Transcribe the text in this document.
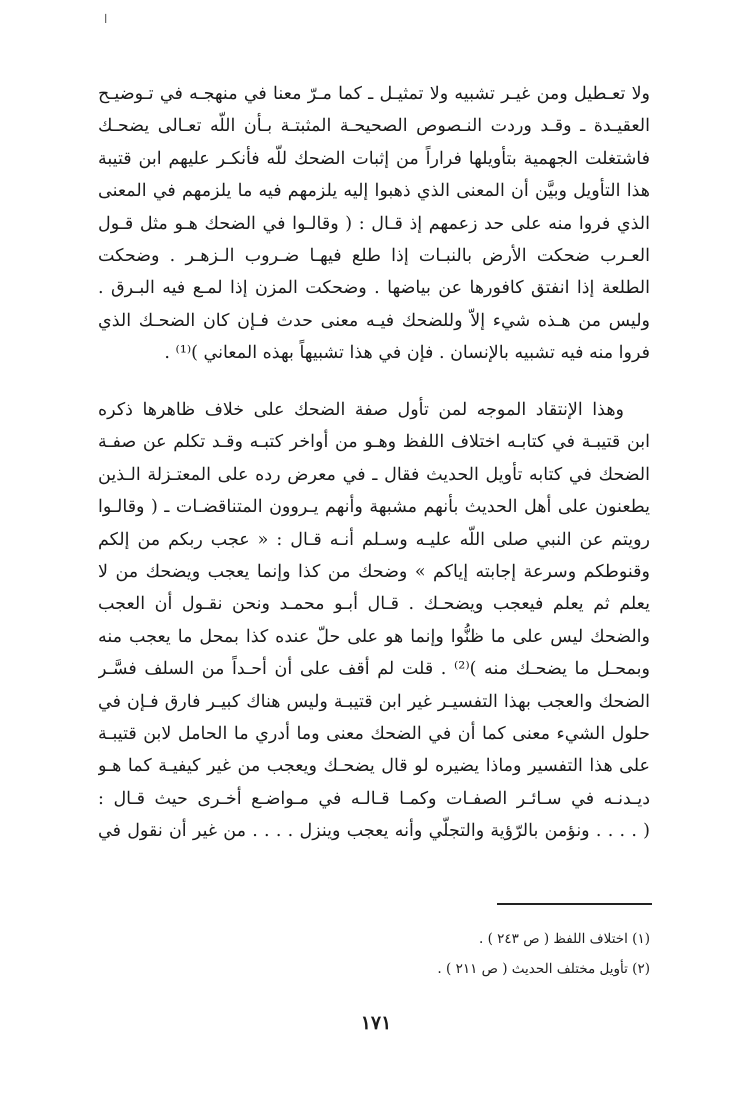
ا
ولا تعـطيل ومن غيـر تشبيه ولا تمثيـل ـ كما مـرّ معنا في منهجـه في تـوضيـح
العقيـدة ـ وقـد وردت النـصوص الصحيحـة المثبتـة بـأن اللّه تعـالى يضحـك
فاشتغلت الجهمية بتأويلها فراراً من إثبات الضحك للّه فأنكـر عليهم ابن قتيبة
هذا التأويل وبيَّن أن المعنى الذي ذهبوا إليه يلزمهم فيه ما يلزمهم في المعنى
الذي فروا منه على حد زعمهم إذ قـال : ( وقالـوا في الضحك هـو مثل قـول
العـرب ضحكت الأرض بالنبـات إذا طلع فيهـا ضـروب الـزهـر . وضحكت
الطلعة إذا انفتق كافورها عن بياضها . وضحكت المزن إذا لمـع فيه البـرق .
وليس من هـذه شيء إلاّ وللضحك فيـه معنى حدث فـإن كان الضحـك الذي
فروا منه فيه تشبيه بالإنسان . فإن في هذا تشبيهاً بهذه المعاني )⁽¹⁾ .
وهذا الإنتقاد الموجه لمن تأول صفة الضحك على خلاف ظاهرها ذكره
ابن قتيبـة في كتابـه اختلاف اللفظ وهـو من أواخر كتبـه وقـد تكلم عن صفـة
الضحك في كتابه تأويل الحديث فقال ـ في معرض رده على المعتـزلة الـذين
يطعنون على أهل الحديث بأنهم مشبهة وأنهم يـروون المتناقضـات ـ ( وقالـوا
رويتم عن النبي صلى اللّه عليـه وسـلم أنـه قـال : « عجب ربكم من إلكم
وقنوطكم وسرعة إجابته إياكم » وضحك من كذا وإنما يعجب ويضحك من لا
يعلم ثم يعلم فيعجب ويضحـك . قـال أبـو محمـد ونحن نقـول أن العجب
والضحك ليس على ما ظنُّوا وإنما هو على حلّ عنده كذا بمحل ما يعجب منه
وبمحـل ما يضحـك منه )⁽²⁾ . قلت لم أقف على أن أحـداً من السلف فسَّـر
الضحك والعجب بهذا التفسيـر غير ابن قتيبـة وليس هناك كبيـر فارق فـإن في
حلول الشيء معنى كما أن في الضحك معنى وما أدري ما الحامل لابن قتيبـة
على هذا التفسير وماذا يضيره لو قال يضحـك ويعجب من غير كيفيـة كما هـو
ديـدنـه في سـائـر الصفـات وكمـا قـالـه في مـواضـع أخـرى حيث قـال :
( . . . . ونؤمن بالرّؤية والتجلّي وأنه يعجب وينزل . . . . من غير أن نقول في
(١) اختلاف اللفظ ( ص ٢٤٣ ) .
(٢) تأويل مختلف الحديث ( ص ٢١١ ) .
١٧١
